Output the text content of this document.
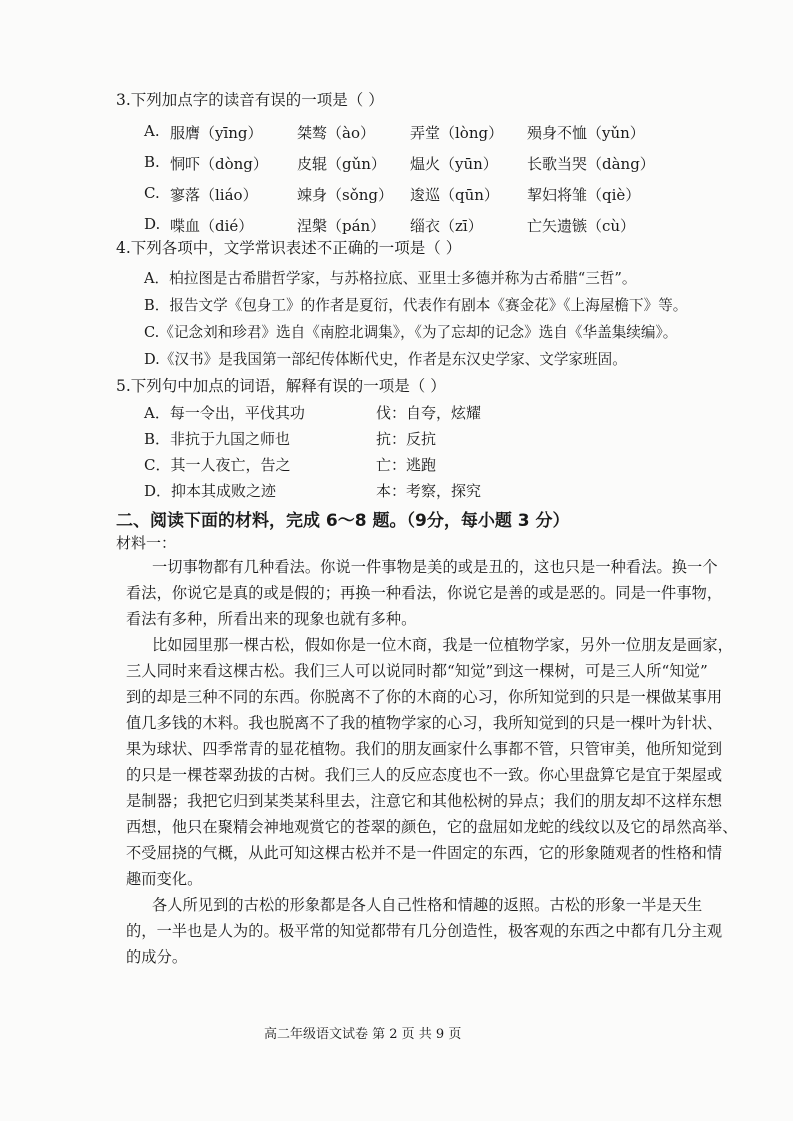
3.下列加点字的读音有误的一项是（ ）
A. 服膺（yīng） 桀骜（ào） 弄堂（lòng） 殒身不恤（yǔn）
B. 恫吓（dòng） 皮辊（gǔn） 煴火（yūn） 长歌当哭（dàng）
C. 寥落（liáo）	竦身（sǒng） 逡巡（qūn） 挈妇将雏（qiè）
D. 喋血（dié）	涅槃（pán） 缁衣（zī）	亡矢遗镞（cù）
4.下列各项中，文学常识表述不正确的一项是（ ）
A．柏拉图是古希腊哲学家，与苏格拉底、亚里士多德并称为古希腊“三哲”。
B．报告文学《包身工》的作者是夏衍，代表作有剧本《赛金花》《上海屋檐下》等。
C.《记念刘和珍君》选自《南腔北调集》，《为了忘却的记念》选自《华盖集续编》。
D.《汉书》是我国第一部纪传体断代史，作者是东汉史学家、文学家班固。
5.下列句中加点的词语，解释有误的一项是（ ）
A．每一令出，平伐其功	伐：自夸，炫耀
B．非抗于九国之师也	抗：反抗
C．其一人夜亡，告之	亡：逃跑
D．抑本其成败之迹	本：考察，探究
二、阅读下面的材料，完成 6～8 题。（9分，每小题 3 分）
材料一：
一切事物都有几种看法。你说一件事物是美的或是丑的，这也只是一种看法。换一个
看法，你说它是真的或是假的；再换一种看法，你说它是善的或是恶的。同是一件事物，
看法有多种，所看出来的现象也就有多种。
比如园里那一棵古松，假如你是一位木商，我是一位植物学家，另外一位朋友是画家，
三人同时来看这棵古松。我们三人可以说同时都“知觉”到这一棵树，可是三人所“知觉”
到的却是三种不同的东西。你脱离不了你的木商的心习，你所知觉到的只是一棵做某事用
值几多钱的木料。我也脱离不了我的植物学家的心习，我所知觉到的只是一棵叶为针状、
果为球状、四季常青的显花植物。我们的朋友画家什么事都不管，只管审美，他所知觉到
的只是一棵苍翠劲拔的古树。我们三人的反应态度也不一致。你心里盘算它是宜于架屋或
是制器；我把它归到某类某科里去，注意它和其他松树的异点；我们的朋友却不这样东想
西想，他只在聚精会神地观赏它的苍翠的颜色，它的盘屈如龙蛇的线纹以及它的昂然高举、
不受屈挠的气概，从此可知这棵古松并不是一件固定的东西，它的形象随观者的性格和情
趣而变化。
各人所见到的古松的形象都是各人自己性格和情趣的返照。古松的形象一半是天生
的，一半也是人为的。极平常的知觉都带有几分创造性，极客观的东西之中都有几分主观
的成分。
高二年级语文试卷 第 2 页 共 9 页
